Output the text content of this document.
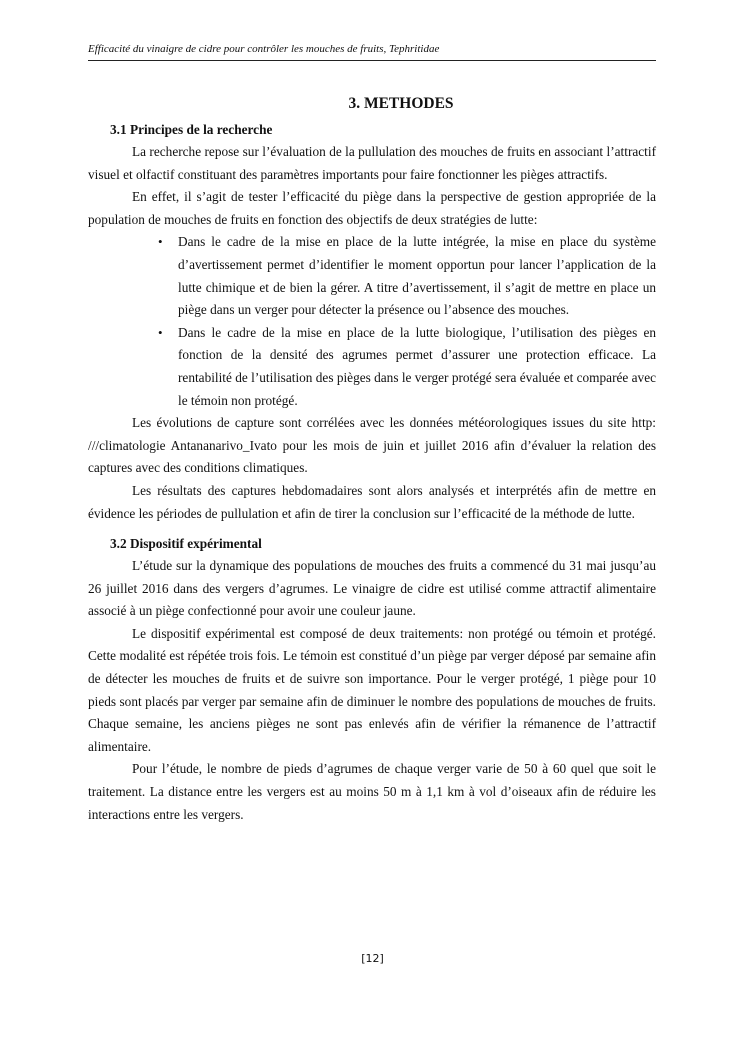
Efficacité du vinaigre de cidre pour contrôler les mouches de fruits, Tephritidae
3. METHODES
3.1 Principes de la recherche

La recherche repose sur l’évaluation de la pullulation des mouches de fruits en associant l’attractif visuel et olfactif constituant des paramètres importants pour faire fonctionner les pièges attractifs.

En effet, il s’agit de tester l’efficacité du piège dans la perspective de gestion appropriée de la population de mouches de fruits en fonction des objectifs de deux stratégies de lutte:

• Dans le cadre de la mise en place de la lutte intégrée, la mise en place du système d’avertissement permet d’identifier le moment opportun pour lancer l’application de la lutte chimique et de bien la gérer. A titre d’avertissement, il s’agit de mettre en place un piège dans un verger pour détecter la présence ou l’absence des mouches.
• Dans le cadre de la mise en place de la lutte biologique, l’utilisation des pièges en fonction de la densité des agrumes permet d’assurer une protection efficace. La rentabilité de l’utilisation des pièges dans le verger protégé sera évaluée et comparée avec le témoin non protégé.

Les évolutions de capture sont corrélées avec les données météorologiques issues du site http: ///climatologie Antananarivo_Ivato pour les mois de juin et juillet 2016 afin d’évaluer la relation des captures avec des conditions climatiques.

Les résultats des captures hebdomadaires sont alors analysés et interprétés afin de mettre en évidence les périodes de pullulation et afin de tirer la conclusion sur l’efficacité de la méthode de lutte.

3.2 Dispositif expérimental

L’étude sur la dynamique des populations de mouches des fruits a commencé du 31 mai jusqu’au 26 juillet 2016 dans des vergers d’agrumes. Le vinaigre de cidre est utilisé comme attractif alimentaire associé à un piège confectionné pour avoir une couleur jaune.

Le dispositif expérimental est composé de deux traitements: non protégé ou témoin et protégé. Cette modalité est répétée trois fois. Le témoin est constitué d’un piège par verger déposé par semaine afin de détecter les mouches de fruits et de suivre son importance. Pour le verger protégé, 1 piège pour 10 pieds sont placés par verger par semaine afin de diminuer le nombre des populations de mouches de fruits. Chaque semaine, les anciens pièges ne sont pas enlevés afin de vérifier la rémanence de l’attractif alimentaire.

Pour l’étude, le nombre de pieds d’agrumes de chaque verger varie de 50 à 60 quel que soit le traitement. La distance entre les vergers est au moins 50 m à 1,1 km à vol d’oiseaux afin de réduire les interactions entre les vergers.

[12]
